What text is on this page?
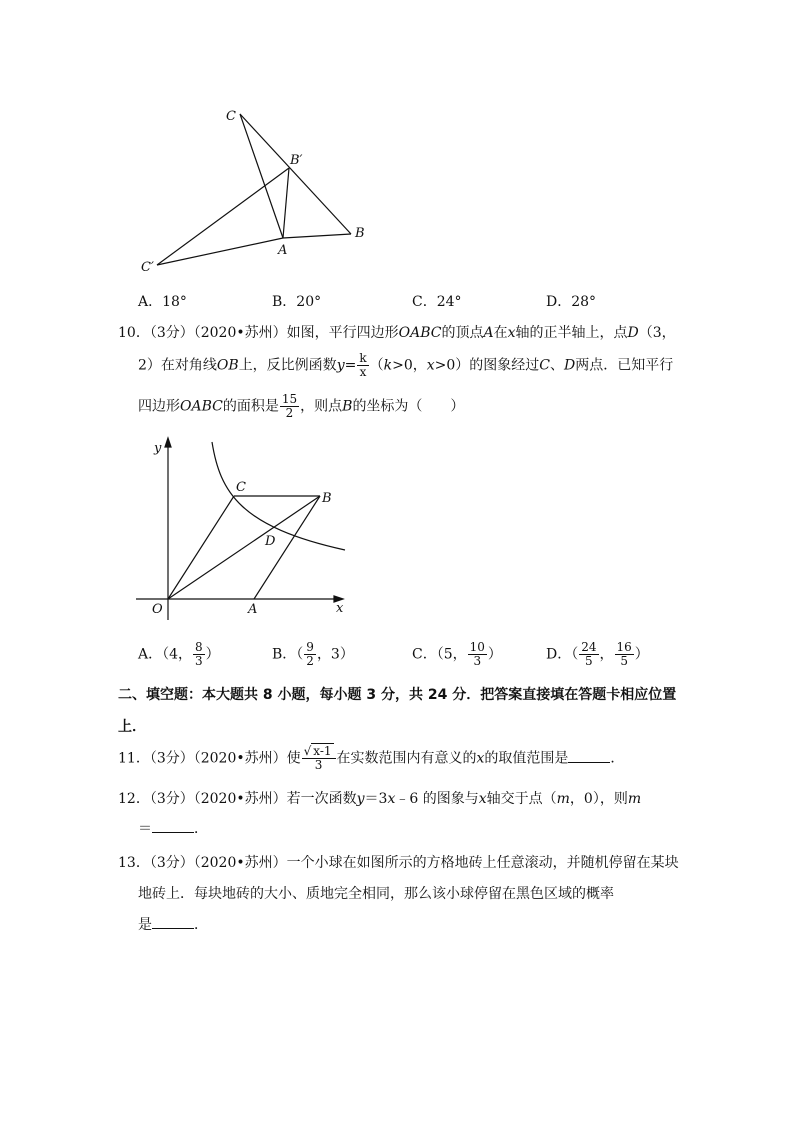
C
B′
B
A
C′
A．18°	B．20°	C．24°	D．28°
10．（3分）（2020•苏州）如图，平行四边形OABC的顶点A在x轴的正半轴上，点D（3，
2）在对角线OB上，反比例函数$y= \frac{k}{x} (k>0$，x>0）的图象经过C、D两点．已知平行
四边形OABC的面积是 $\frac{15}{2}$ ，则点B的坐标为（　　）
y
x
O	A
B
C
D
A．（4， $\frac{8}{3}$ ）	B．（ $\frac{9}{2}$ ，3）	C．（5， $\frac{10}{3}$ ）	D．（ $\frac{24}{5}$ ， $\frac{16}{5}$ ）
二、填空题：本大题共 8 小题，每小题 3 分，共 24 分．把答案直接填在答题卡相应位置
上．
11．（3分）（2020•苏州）使 $\frac{√ x-1}{3}$ 在实数范围内有意义的x的取值范围是	．
12．（3分）（2020•苏州）若一次函数y＝3x﹣6 的图象与x轴交于点（m，0），则m
＝	．
13．（3分）（2020•苏州）一个小球在如图所示的方格地砖上任意滚动，并随机停留在某块
地砖上．每块地砖的大小、质地完全相同，那么该小球停留在黑色区域的概率
是	．
